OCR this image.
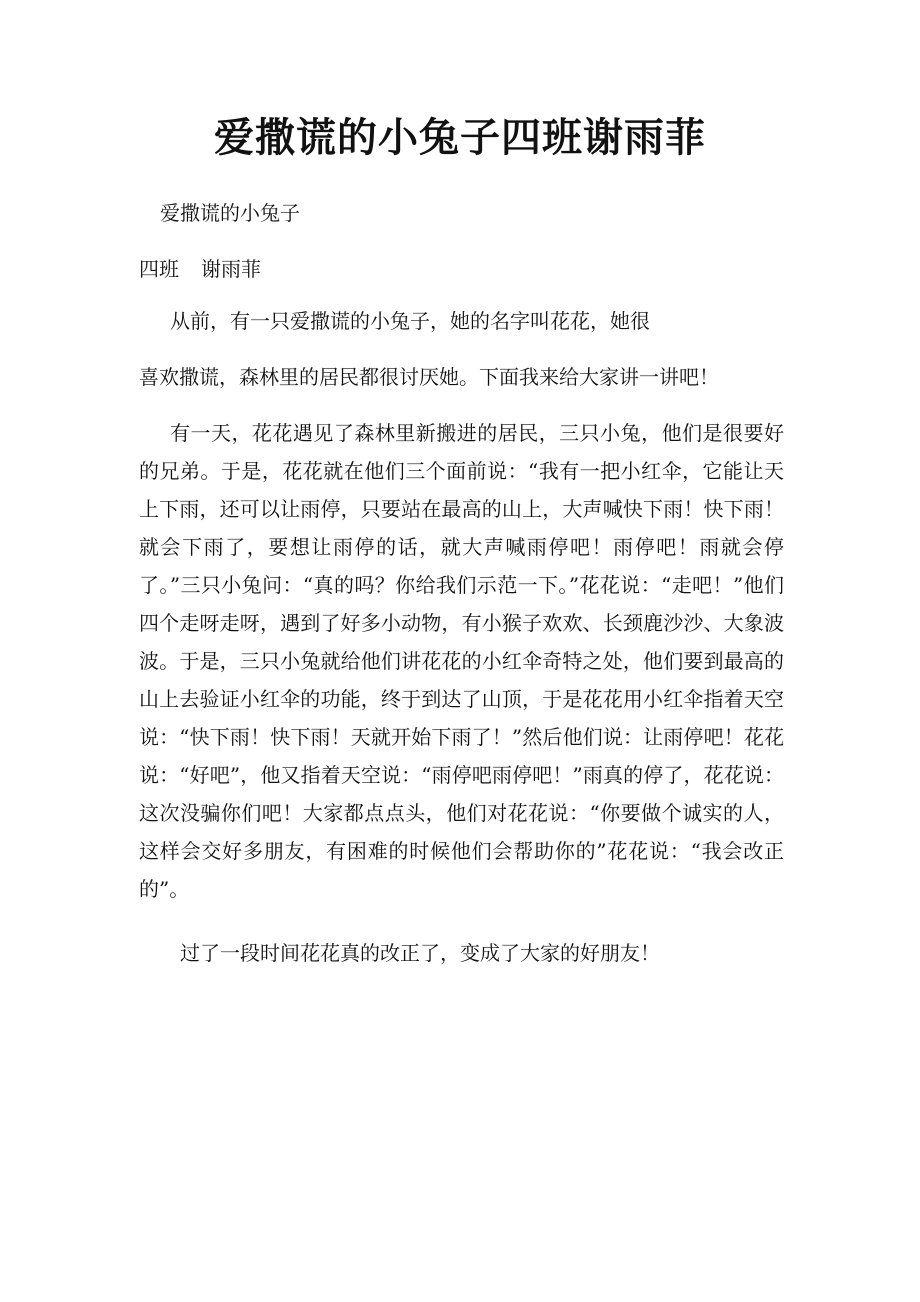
爱撒谎的小兔子四班谢雨菲
爱撒谎的小兔子
四班 谢雨菲
从前，有一只爱撒谎的小兔子，她的名字叫花花，她很
喜欢撒谎，森林里的居民都很讨厌她。下面我来给大家讲一讲吧！
有一天，花花遇见了森林里新搬进的居民，三只小兔，他们是很要好的兄弟。于是，花花就在他们三个面前说：“我有一把小红伞，它能让天上下雨，还可以让雨停，只要站在最高的山上，大声喊快下雨！快下雨！就会下雨了，要想让雨停的话，就大声喊雨停吧！雨停吧！雨就会停了。”三只小兔问：“真的吗？你给我们示范一下。”花花说：“走吧！”他们四个走呀走呀，遇到了好多小动物，有小猴子欢欢、长颈鹿沙沙、大象波波。于是，三只小兔就给他们讲花花的小红伞奇特之处，他们要到最高的山上去验证小红伞的功能，终于到达了山顶，于是花花用小红伞指着天空说：“快下雨！快下雨！天就开始下雨了！”然后他们说：让雨停吧！花花说：“好吧”，他又指着天空说：“雨停吧雨停吧！”雨真的停了，花花说：这次没骗你们吧！大家都点点头，他们对花花说：“你要做个诚实的人，这样会交好多朋友，有困难的时候他们会帮助你的”花花说：“我会改正的”。
过了一段时间花花真的改正了，变成了大家的好朋友！
